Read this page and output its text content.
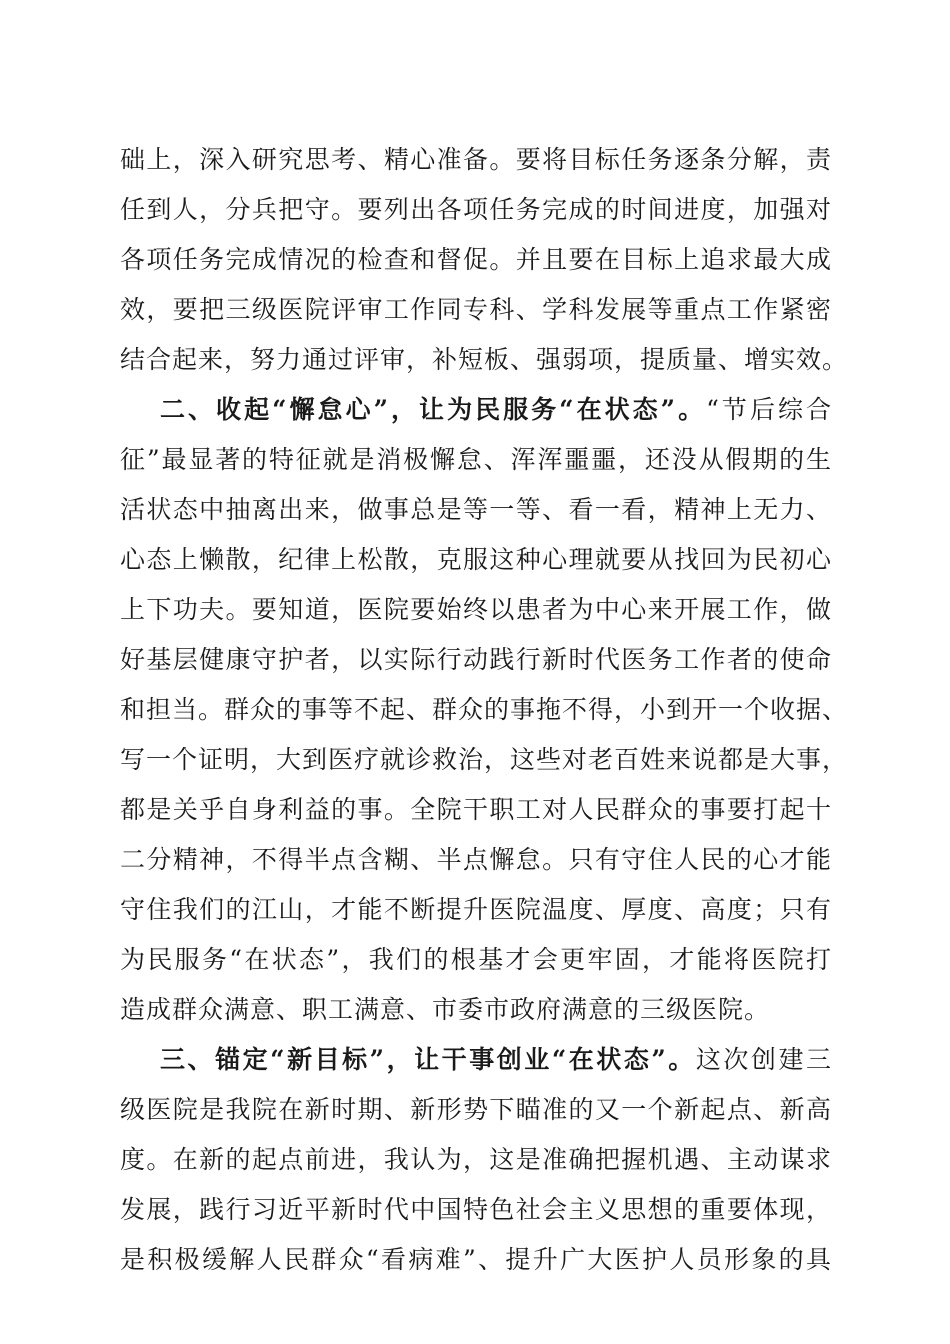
础上，深入研究思考、精心准备。要将目标任务逐条分解，责
任到人，分兵把守。要列出各项任务完成的时间进度，加强对
各项任务完成情况的检查和督促。并且要在目标上追求最大成
效，要把三级医院评审工作同专科、学科发展等重点工作紧密
结合起来，努力通过评审，补短板、强弱项，提质量、增实效。
二、收起“懈怠心”，让为民服务“在状态”。“节后综合
征”最显著的特征就是消极懈怠、浑浑噩噩，还没从假期的生
活状态中抽离出来，做事总是等一等、看一看，精神上无力、
心态上懒散，纪律上松散，克服这种心理就要从找回为民初心
上下功夫。要知道，医院要始终以患者为中心来开展工作，做
好基层健康守护者，以实际行动践行新时代医务工作者的使命
和担当。群众的事等不起、群众的事拖不得，小到开一个收据、
写一个证明，大到医疗就诊救治，这些对老百姓来说都是大事，
都是关乎自身利益的事。全院干职工对人民群众的事要打起十
二分精神，不得半点含糊、半点懈怠。只有守住人民的心才能
守住我们的江山，才能不断提升医院温度、厚度、高度；只有
为民服务“在状态”，我们的根基才会更牢固，才能将医院打
造成群众满意、职工满意、市委市政府满意的三级医院。
三、锚定“新目标”，让干事创业“在状态”。这次创建三
级医院是我院在新时期、新形势下瞄准的又一个新起点、新高
度。在新的起点前进，我认为，这是准确把握机遇、主动谋求
发展，践行习近平新时代中国特色社会主义思想的重要体现，
是积极缓解人民群众“看病难”、提升广大医护人员形象的具
